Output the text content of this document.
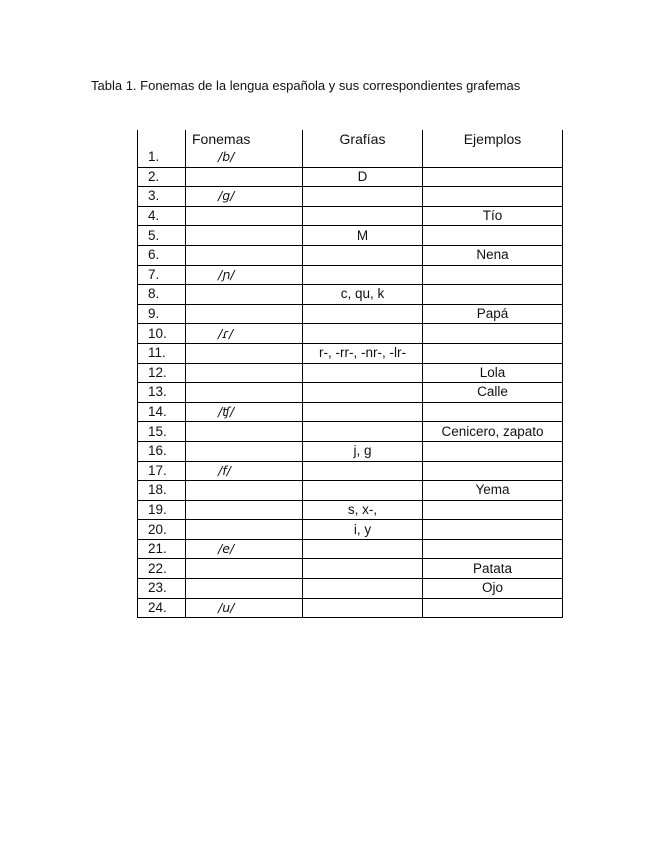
Tabla 1. Fonemas de la lengua española y sus correspondientes grafemas
	Fonemas	Grafías	Ejemplos
1.	/b/		
2.		D	
3.	/g/		
4.			Tío
5.		M	
6.			Nena
7.	/ɲ/		
8.		c, qu, k	
9.			Papá
10.	/ɾ/		
11.		r-, -rr-, -nr-, -lr-	
12.			Lola
13.			Calle
14.	/ʧ/		
15.			Cenicero, zapato
16.		j, g	
17.	/f/		
18.			Yema
19.		s, x-,	
20.		i, y	
21.	/e/		
22.			Patata
23.			Ojo
24.	/u/		
